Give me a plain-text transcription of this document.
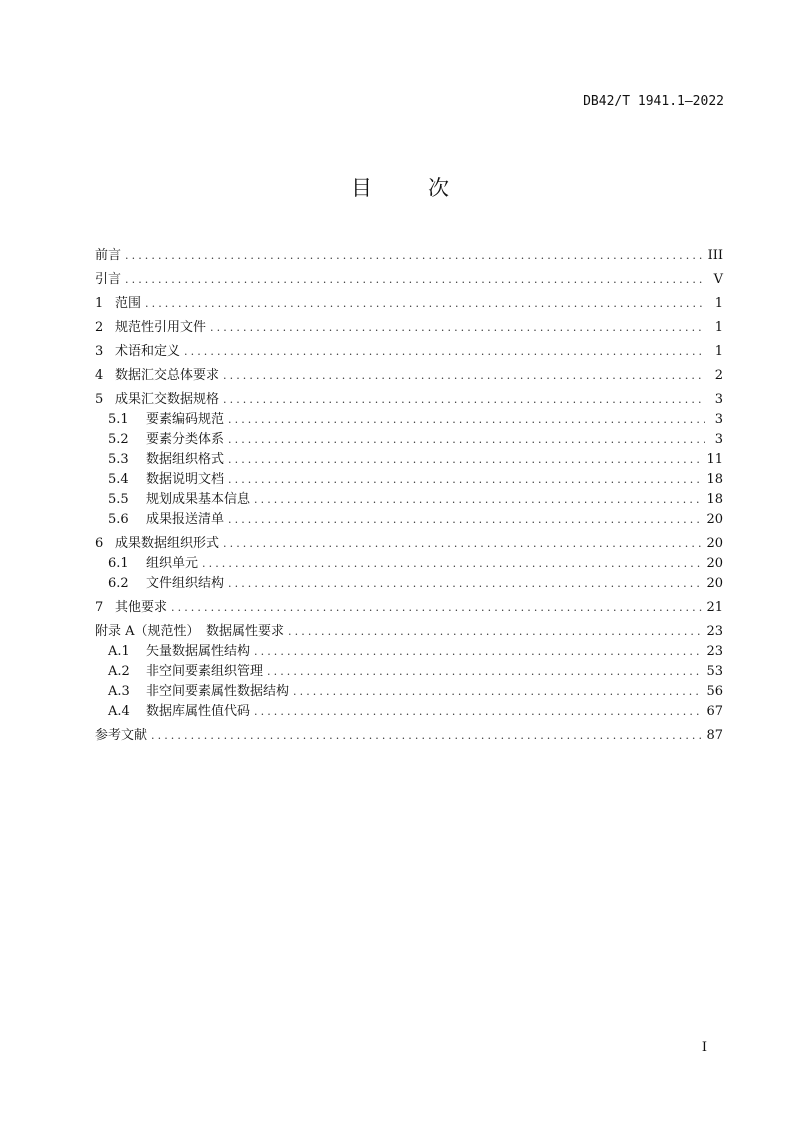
DB42/T 1941.1—2022
目	次
前言 .....	III
引言 .....	V
1 范围 .....	1
2 规范性引用文件 .....	1
3 术语和定义 .....	1
4 数据汇交总体要求 .....	2
5 成果汇交数据规格 .....	3
5.1	要素编码规范 .....	3
5.2	要素分类体系 .....	3
5.3	数据组织格式 .....	11
5.4	数据说明文档 .....	18
5.5	规划成果基本信息 .....	18
5.6	成果报送清单 .....	20
6 成果数据组织形式 .....	20
6.1	组织单元 .....	20
6.2	文件组织结构 .....	20
7 其他要求 .....	21
附录 A（规范性）　数据属性要求 .....	23
A.1	矢量数据属性结构 .....	23
A.2	非空间要素组织管理 .....	53
A.3	非空间要素属性数据结构 .....	56
A.4	数据库属性值代码 .....	67
参考文献 .....	87
I
